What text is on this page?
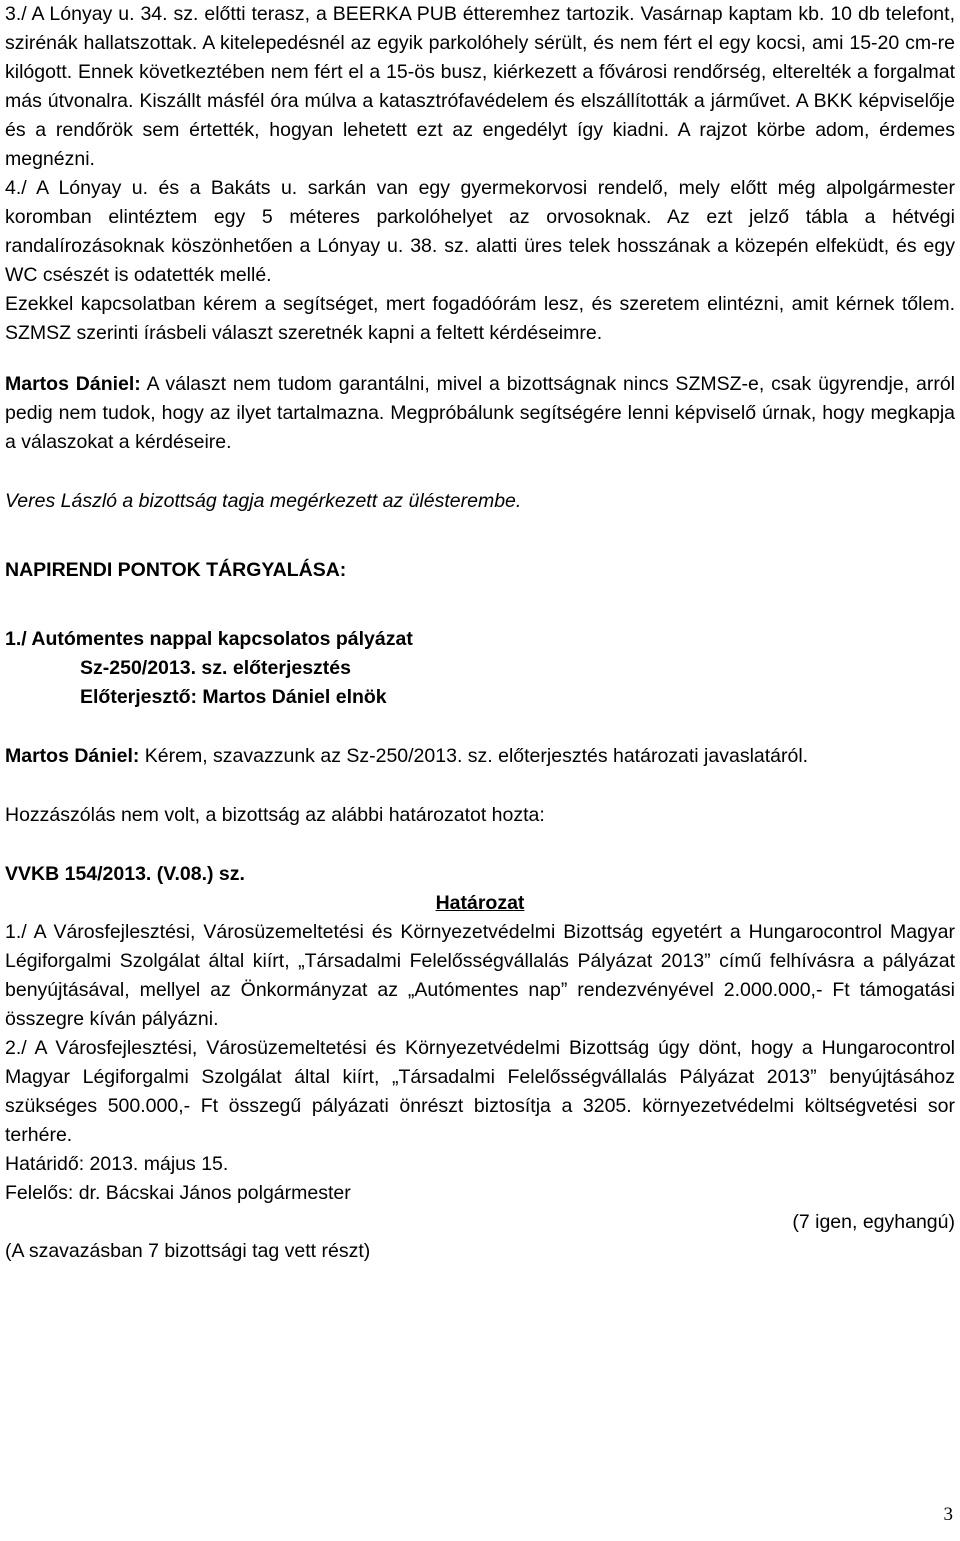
3./ A Lónyay u. 34. sz. előtti terasz, a BEERKA PUB étteremhez tartozik. Vasárnap kaptam kb. 10 db telefont, szirénák hallatszottak. A kitelepedésnél az egyik parkolóhely sérült, és nem fért el egy kocsi, ami 15-20 cm-re kilógott. Ennek következtében nem fért el a 15-ös busz, kiérkezett a fővárosi rendőrség, elterelték a forgalmat más útvonalra. Kiszállt másfél óra múlva a katasztrófavédelem és elszállították a járművet. A BKK képviselője és a rendőrök sem értették, hogyan lehetett ezt az engedélyt így kiadni. A rajzot körbe adom, érdemes megnézni.

4./ A Lónyay u. és a Bakáts u. sarkán van egy gyermekorvosi rendelő, mely előtt még alpolgármester koromban elintéztem egy 5 méteres parkolóhelyet az orvosoknak. Az ezt jelző tábla a hétvégi randalírozásoknak köszönhetően a Lónyay u. 38. sz. alatti üres telek hosszának a közepén elfeküdt, és egy WC csészét is odatették mellé.

Ezekkel kapcsolatban kérem a segítséget, mert fogadóórám lesz, és szeretem elintézni, amit kérnek tőlem. SZMSZ szerinti írásbeli választ szeretnék kapni a feltett kérdéseimre.

Martos Dániel: A választ nem tudom garantálni, mivel a bizottságnak nincs SZMSZ-e, csak ügyrendje, arról pedig nem tudok, hogy az ilyet tartalmazna. Megpróbálunk segítségére lenni képviselő úrnak, hogy megkapja a válaszokat a kérdéseire.

Veres László a bizottság tagja megérkezett az ülésterembe.

NAPIRENDI PONTOK TÁRGYALÁSA:

1./ Autómentes nappal kapcsolatos pályázat

Sz-250/2013. sz. előterjesztés

Előterjesztő: Martos Dániel elnök

Martos Dániel: Kérem, szavazzunk az Sz-250/2013. sz. előterjesztés határozati javaslatáról.

Hozzászólás nem volt, a bizottság az alábbi határozatot hozta:

VVKB 154/2013. (V.08.) sz.

Határozat

1./ A Városfejlesztési, Városüzemeltetési és Környezetvédelmi Bizottság egyetért a Hungarocontrol Magyar Légiforgalmi Szolgálat által kiírt, „Társadalmi Felelősségvállalás Pályázat 2013” című felhívásra a pályázat benyújtásával, mellyel az Önkormányzat az „Autómentes nap” rendezvényével 2.000.000,- Ft támogatási összegre kíván pályázni.

2./ A Városfejlesztési, Városüzemeltetési és Környezetvédelmi Bizottság úgy dönt, hogy a Hungarocontrol Magyar Légiforgalmi Szolgálat által kiírt, „Társadalmi Felelősségvállalás Pályázat 2013” benyújtásához szükséges 500.000,- Ft összegű pályázati önrészt biztosítja a 3205. környezetvédelmi költségvetési sor terhére.

Határidő: 2013. május 15.

Felelős: dr. Bácskai János polgármester

(7 igen, egyhangú)

(A szavazásban 7 bizottsági tag vett részt)

3
